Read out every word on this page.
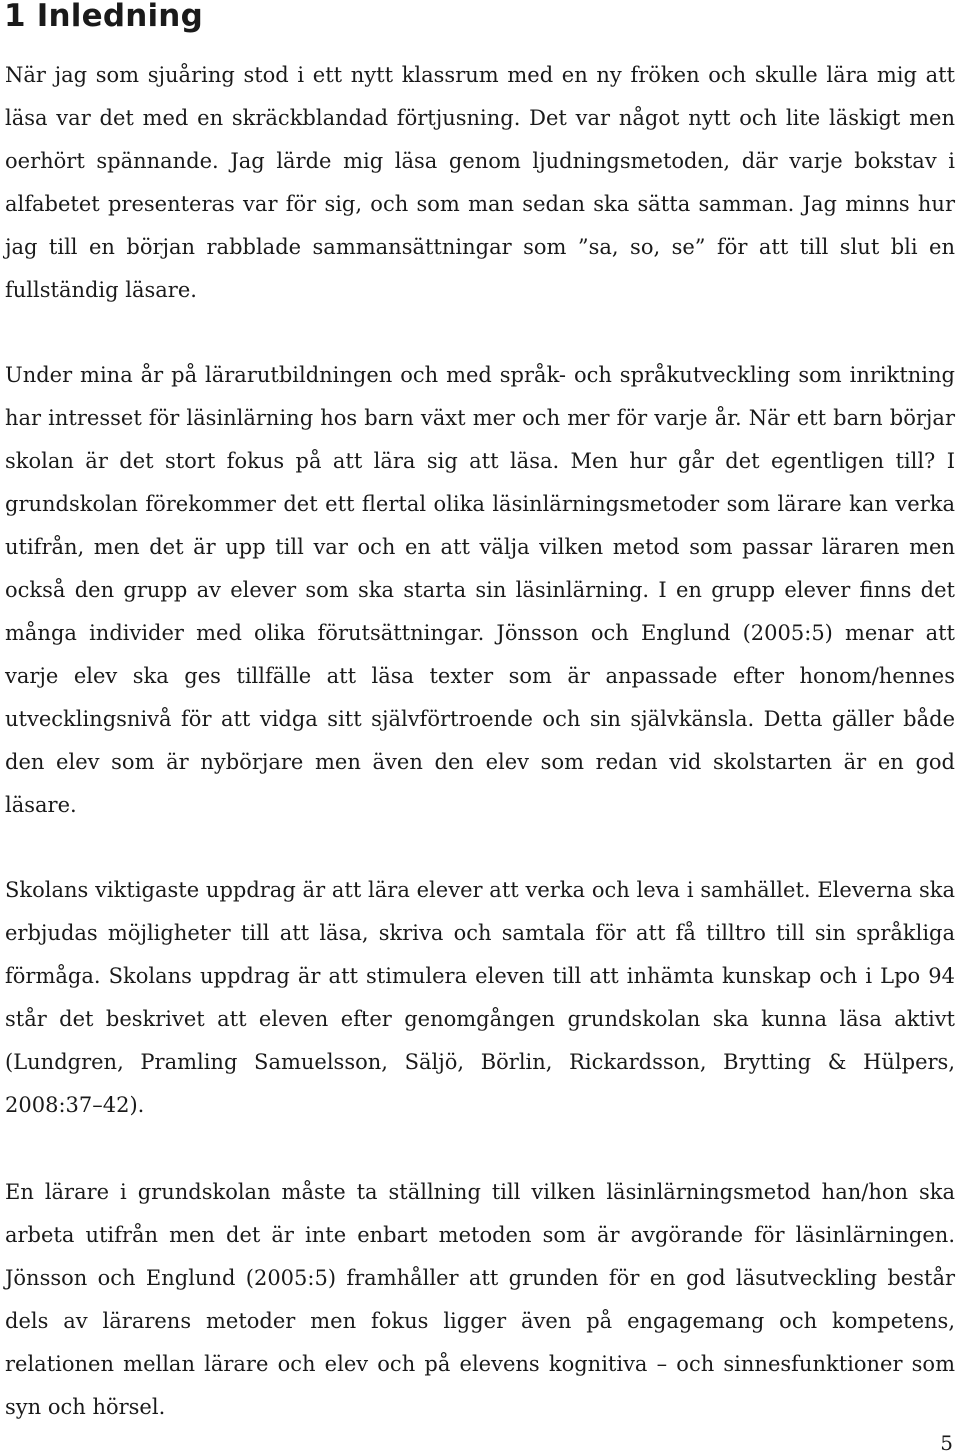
1 Inledning

När jag som sjuåring stod i ett nytt klassrum med en ny fröken och skulle lära mig att läsa var det med en skräckblandad förtjusning. Det var något nytt och lite läskigt men oerhört spännande. Jag lärde mig läsa genom ljudningsmetoden, där varje bokstav i alfabetet presenteras var för sig, och som man sedan ska sätta samman. Jag minns hur jag till en början rabblade sammansättningar som ”sa, so, se” för att till slut bli en fullständig läsare.

Under mina år på lärarutbildningen och med språk- och språkutveckling som inriktning har intresset för läsinlärning hos barn växt mer och mer för varje år. När ett barn börjar skolan är det stort fokus på att lära sig att läsa. Men hur går det egentligen till? I grundskolan förekommer det ett flertal olika läsinlärningsmetoder som lärare kan verka utifrån, men det är upp till var och en att välja vilken metod som passar läraren men också den grupp av elever som ska starta sin läsinlärning. I en grupp elever finns det många individer med olika förutsättningar. Jönsson och Englund (2005:5) menar att varje elev ska ges tillfälle att läsa texter som är anpassade efter honom/hennes utvecklingsnivå för att vidga sitt självförtroende och sin självkänsla. Detta gäller både den elev som är nybörjare men även den elev som redan vid skolstarten är en god läsare.

Skolans viktigaste uppdrag är att lära elever att verka och leva i samhället. Eleverna ska erbjudas möjligheter till att läsa, skriva och samtala för att få tilltro till sin språkliga förmåga. Skolans uppdrag är att stimulera eleven till att inhämta kunskap och i Lpo 94 står det beskrivet att eleven efter genomgången grundskolan ska kunna läsa aktivt (Lundgren, Pramling Samuelsson, Säljö, Börlin, Rickardsson, Brytting & Hülpers, 2008:37–42).

En lärare i grundskolan måste ta ställning till vilken läsinlärningsmetod han/hon ska arbeta utifrån men det är inte enbart metoden som är avgörande för läsinlärningen. Jönsson och Englund (2005:5) framhåller att grunden för en god läsutveckling består dels av lärarens metoder men fokus ligger även på engagemang och kompetens, relationen mellan lärare och elev och på elevens kognitiva – och sinnesfunktioner som syn och hörsel.

5
